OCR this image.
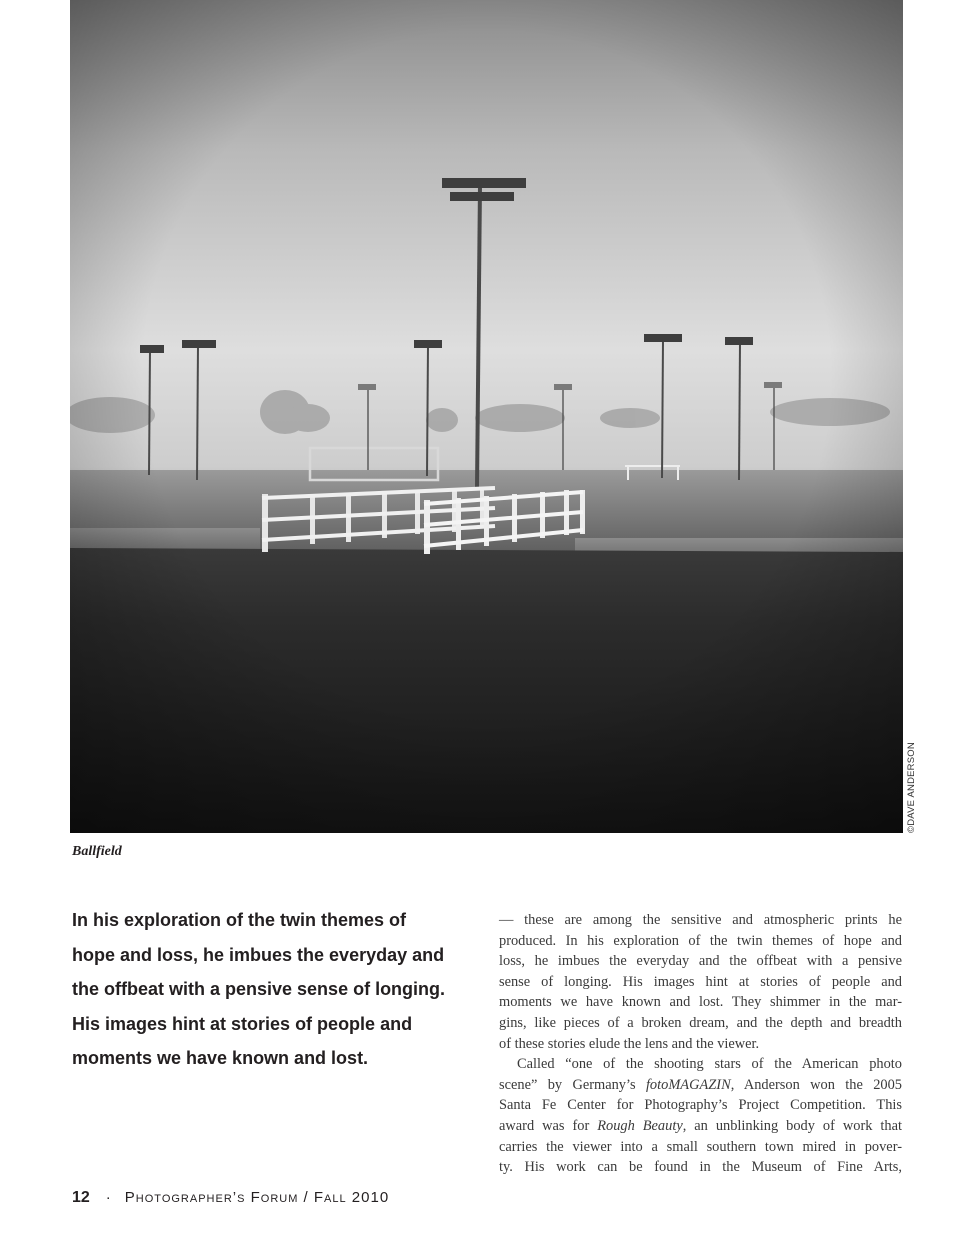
©DAVE ANDERSON
Ballfield
In his exploration of the twin themes of
hope and loss, he imbues the everyday and
the offbeat with a pensive sense of longing.
His images hint at stories of people and
moments we have known and lost.
— these are among the sensitive and atmospheric prints he
produced. In his exploration of the twin themes of hope and
loss, he imbues the everyday and the offbeat with a pensive
sense of longing. His images hint at stories of people and
moments we have known and lost. They shimmer in the mar-
gins, like pieces of a broken dream, and the depth and breadth
of these stories elude the lens and the viewer.
Called “one of the shooting stars of the American photo
scene” by Germany’s fotoMAGAZIN, Anderson won the 2005
Santa Fe Center for Photography’s Project Competition. This
award was for Rough Beauty, an unblinking body of work that
carries the viewer into a small southern town mired in pover-
ty. His work can be found in the Museum of Fine Arts,
12 · Photographer’s Forum / Fall 2010
